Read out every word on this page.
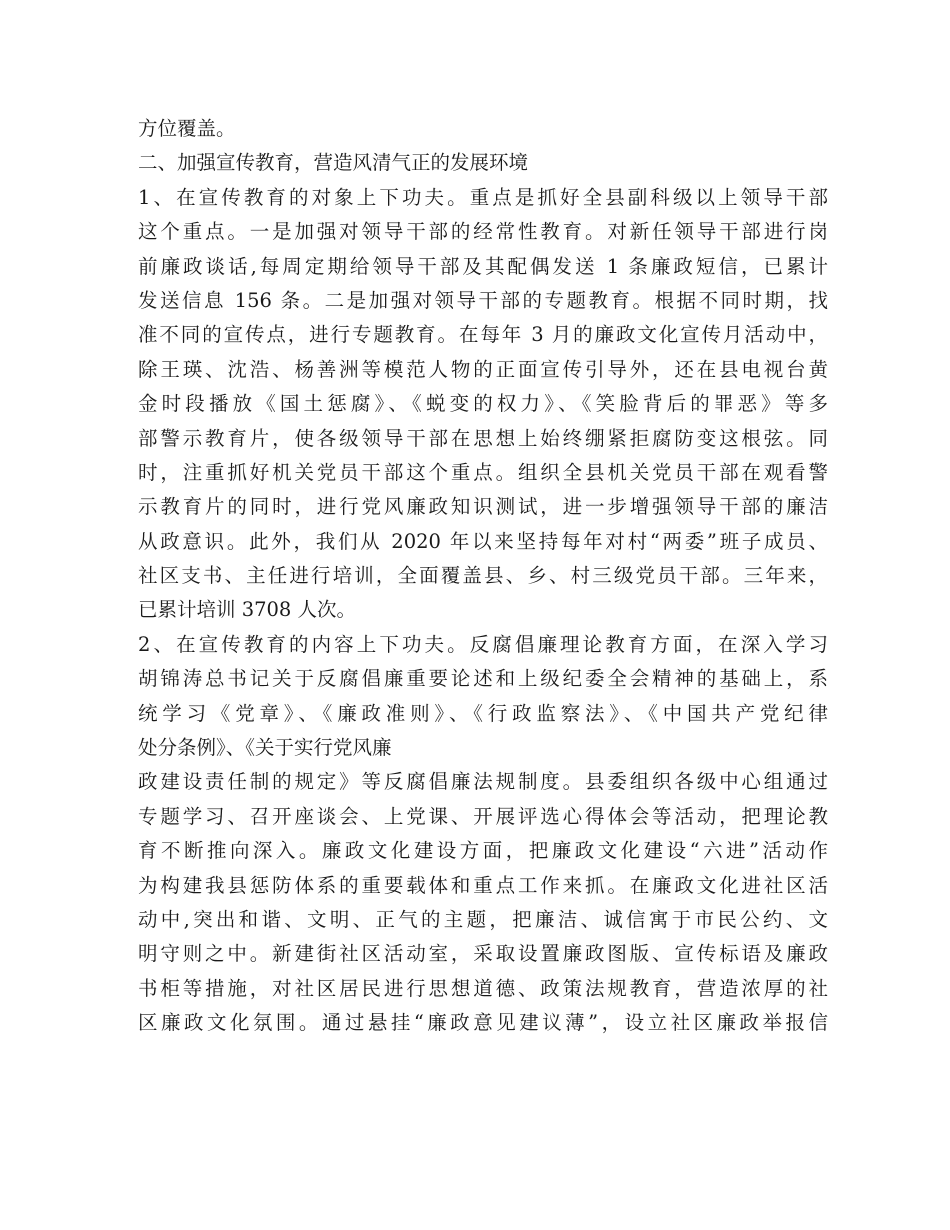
方位覆盖。
二、加强宣传教育，营造风清气正的发展环境
1、在宣传教育的对象上下功夫。重点是抓好全县副科级以上领导干部
这个重点。一是加强对领导干部的经常性教育。对新任领导干部进行岗
前廉政谈话,每周定期给领导干部及其配偶发送 1 条廉政短信，已累计
发送信息 156 条。二是加强对领导干部的专题教育。根据不同时期，找
准不同的宣传点，进行专题教育。在每年 3 月的廉政文化宣传月活动中，
除王瑛、沈浩、杨善洲等模范人物的正面宣传引导外，还在县电视台黄
金时段播放《国土惩腐》、《蜕变的权力》、《笑脸背后的罪恶》等多
部警示教育片，使各级领导干部在思想上始终绷紧拒腐防变这根弦。同
时，注重抓好机关党员干部这个重点。组织全县机关党员干部在观看警
示教育片的同时，进行党风廉政知识测试，进一步增强领导干部的廉洁
从政意识。此外，我们从 2020 年以来坚持每年对村“两委”班子成员、
社区支书、主任进行培训，全面覆盖县、乡、村三级党员干部。三年来，
已累计培训 3708 人次。
2、在宣传教育的内容上下功夫。反腐倡廉理论教育方面，在深入学习
胡锦涛总书记关于反腐倡廉重要论述和上级纪委全会精神的基础上，系
统学习《党章》、《廉政准则》、《行政监察法》、《中国共产党纪律
处分条例》、《关于实行党风廉
政建设责任制的规定》等反腐倡廉法规制度。县委组织各级中心组通过
专题学习、召开座谈会、上党课、开展评选心得体会等活动，把理论教
育不断推向深入。廉政文化建设方面，把廉政文化建设“六进”活动作
为构建我县惩防体系的重要载体和重点工作来抓。在廉政文化进社区活
动中,突出和谐、文明、正气的主题，把廉洁、诚信寓于市民公约、文
明守则之中。新建街社区活动室，采取设置廉政图版、宣传标语及廉政
书柜等措施，对社区居民进行思想道德、政策法规教育，营造浓厚的社
区廉政文化氛围。通过悬挂“廉政意见建议薄”，设立社区廉政举报信
